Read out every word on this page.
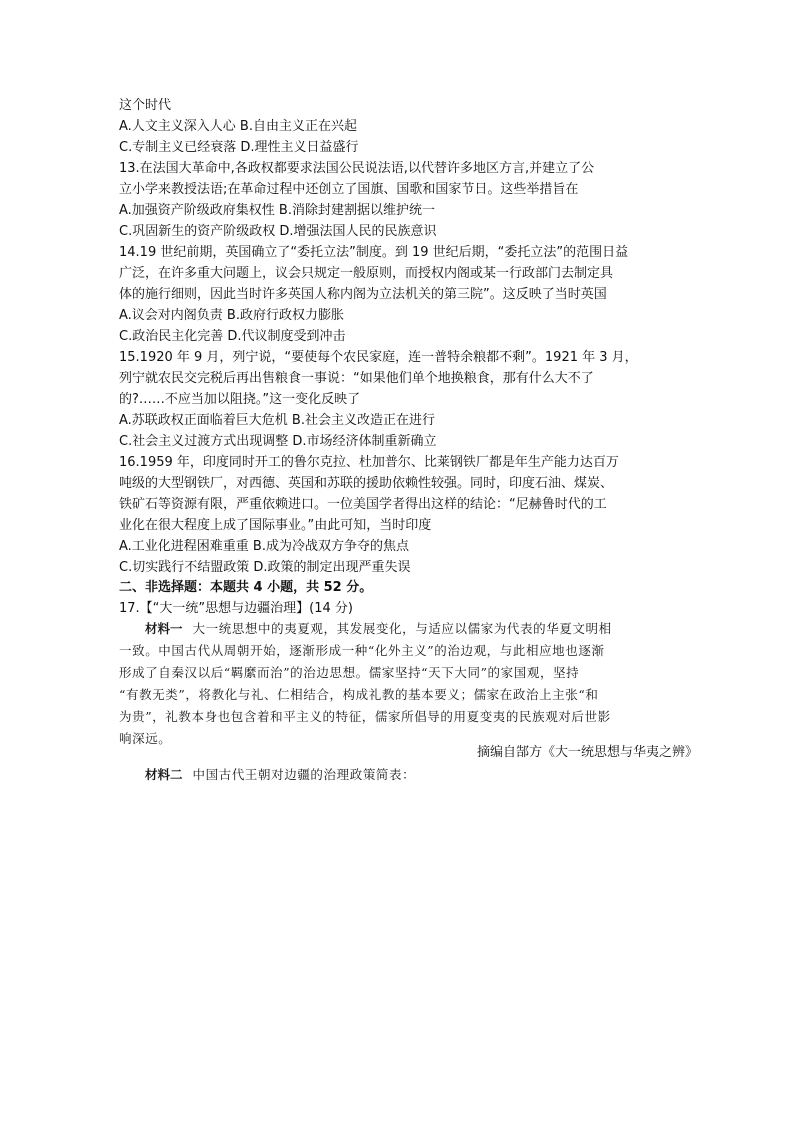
这个时代
A.人文主义深入人心 B.自由主义正在兴起
C.专制主义已经衰落 D.理性主义日益盛行
13.在法国大革命中,各政权都要求法国公民说法语,以代替许多地区方言,并建立了公
立小学来教授法语;在革命过程中还创立了国旗、国歌和国家节日。这些举措旨在
A.加强资产阶级政府集权性 B.消除封建割据以维护统一
C.巩固新生的资产阶级政权 D.增强法国人民的民族意识
14.19 世纪前期，英国确立了“委托立法”制度。到 19 世纪后期，“委托立法”的范围日益
广泛，在许多重大问题上，议会只规定一般原则，而授权内阁或某一行政部门去制定具
体的施行细则，因此当时许多英国人称内阁为立法机关的第三院”。这反映了当时英国
A.议会对内阁负责 B.政府行政权力膨胀
C.政治民主化完善 D.代议制度受到冲击
15.1920 年 9 月，列宁说，“要使每个农民家庭，连一普特余粮都不剩”。1921 年 3 月，
列宁就农民交完税后再出售粮食一事说：“如果他们单个地换粮食，那有什么大不了
的?……不应当加以阻挠。”这一变化反映了
A.苏联政权正面临着巨大危机 B.社会主义改造正在进行
C.社会主义过渡方式出现调整 D.市场经济体制重新确立
16.1959 年，印度同时开工的鲁尔克拉、杜加普尔、比莱钢铁厂都是年生产能力达百万
吨级的大型钢铁厂，对西德、英国和苏联的援助依赖性较强。同时，印度石油、煤炭、
铁矿石等资源有限，严重依赖进口。一位美国学者得出这样的结论：“尼赫鲁时代的工
业化在很大程度上成了国际事业。”由此可知，当时印度
A.工业化进程困难重重 B.成为冷战双方争夺的焦点
C.切实践行不结盟政策 D.政策的制定出现严重失误
二、非选择题：本题共 4 小题，共 52 分。
17.【“大一统”思想与边疆治理】(14 分)
材料一 大一统思想中的夷夏观，其发展变化，与适应以儒家为代表的华夏文明相
一致。中国古代从周朝开始，逐渐形成一种“化外主义”的治边观，与此相应地也逐渐
形成了自秦汉以后“羁縻而治”的治边思想。儒家坚持“天下大同”的家国观，坚持
“有教无类”，将教化与礼、仁相结合，构成礼教的基本要义；儒家在政治上主张“和
为贵”，礼教本身也包含着和平主义的特征，儒家所倡导的用夏变夷的民族观对后世影
响深远。
摘编自郜方《大一统思想与华夷之辨》
材料二 中国古代王朝对边疆的治理政策简表：
